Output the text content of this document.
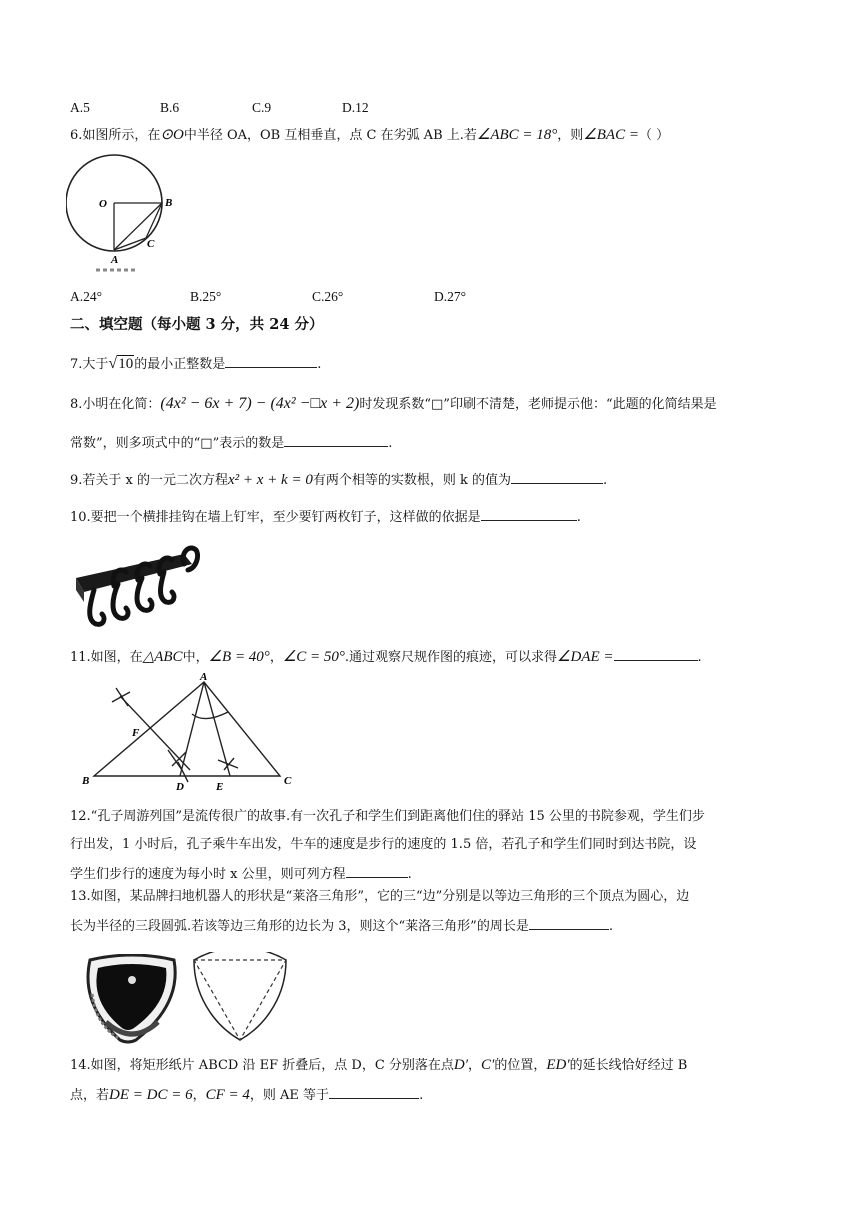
A.5	B.6	C.9	D.12
6.如图所示，在⊙O中半径 OA，OB 互相垂直，点 C 在劣弧 AB 上.若∠ABC = 18°，则∠BAC =（ ）
O	B
A
C
A.24°	B.25°	C.26°	D.27°
二、填空题（每小题 3 分，共 24 分）
7.大于√10的最小正整数是	.
8.小明在化简：(4x² − 6x + 7) − (4x² −□x + 2)时发现系数“□”印刷不清楚，老师提示他：“此题的化简结果是
常数”，则多项式中的“□”表示的数是	.
9.若关于 x 的一元二次方程x² + x + k = 0有两个相等的实数根，则 k 的值为	.
10.要把一个横排挂钩在墙上钉牢，至少要钉两枚钉子，这样做的依据是	.
11.如图，在△ABC中，∠B = 40°，∠C = 50°.通过观察尺规作图的痕迹，可以求得∠DAE =	.
A
F
B	D	E	C
12.“孔子周游列国”是流传很广的故事.有一次孔子和学生们到距离他们住的驿站 15 公里的书院参观，学生们步
行出发，1 小时后，孔子乘牛车出发，牛车的速度是步行的速度的 1.5 倍，若孔子和学生们同时到达书院，设
学生们步行的速度为每小时 x 公里，则可列方程	.
13.如图，某品牌扫地机器人的形状是“莱洛三角形”，它的三“边”分别是以等边三角形的三个顶点为圆心，边
长为半径的三段圆弧.若该等边三角形的边长为 3，则这个“莱洛三角形”的周长是	.
14.如图，将矩形纸片 ABCD 沿 EF 折叠后，点 D，C 分别落在点D′，C′的位置，ED′的延长线恰好经过 B
点，若DE = DC = 6，CF = 4，则 AE 等于	.
